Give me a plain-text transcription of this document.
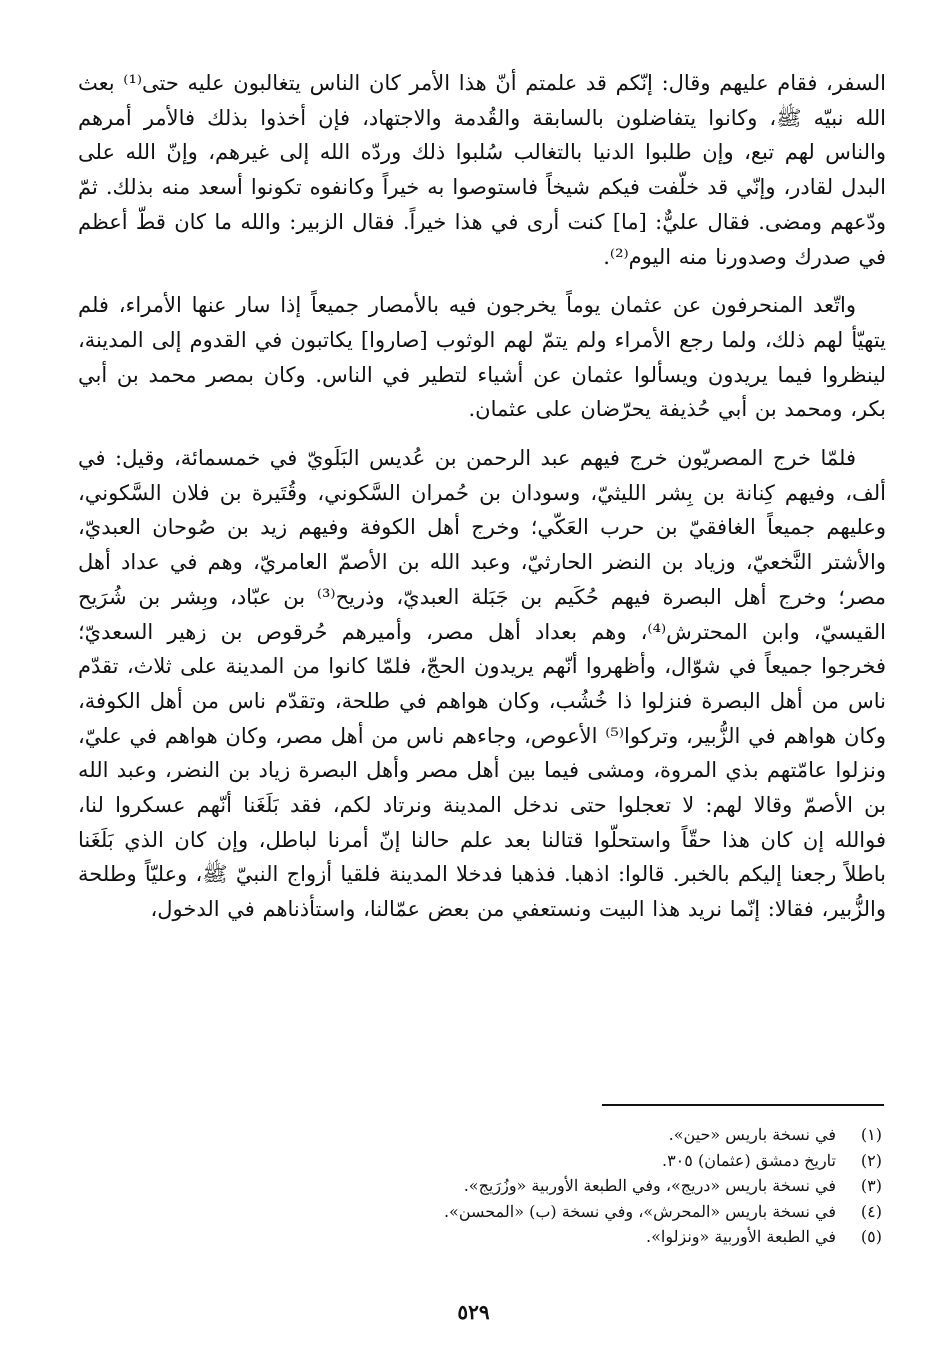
السفر، فقام عليهم وقال: إنّكم قد علمتم أنّ هذا الأمر كان الناس يتغالبون عليه حتى⁽¹⁾ بعث الله نبيّه ﷺ، وكانوا يتفاضلون بالسابقة والقُدمة والاجتهاد، فإن أخذوا بذلك فالأمر أمرهم والناس لهم تبع، وإن طلبوا الدنيا بالتغالب سُلبوا ذلك وردّه الله إلى غيرهم، وإنّ الله على البدل لقادر، وإنّي قد خلّفت فيكم شيخاً فاستوصوا به خيراً وكانفوه تكونوا أسعد منه بذلك. ثمّ ودّعهم ومضى. فقال عليٌّ: [ما] كنت أرى في هذا خيراً. فقال الزبير: والله ما كان قطّ أعظم في صدرك وصدورنا منه اليوم⁽²⁾.

واتّعد المنحرفون عن عثمان يوماً يخرجون فيه بالأمصار جميعاً إذا سار عنها الأمراء، فلم يتهيّأ لهم ذلك، ولما رجع الأمراء ولم يتمّ لهم الوثوب [صاروا] يكاتبون في القدوم إلى المدينة، لينظروا فيما يريدون ويسألوا عثمان عن أشياء لتطير في الناس. وكان بمصر محمد بن أبي بكر، ومحمد بن أبي حُذيفة يحرّضان على عثمان.

فلمّا خرج المصريّون خرج فيهم عبد الرحمن بن عُديس البَلَويّ في خمسمائة، وقيل: في ألف، وفيهم كِنانة بن بِشر الليثيّ، وسودان بن حُمران السَّكوني، وقُتَيرة بن فلان السَّكوني، وعليهم جميعاً الغافقيّ بن حرب العَكّي؛ وخرج أهل الكوفة وفيهم زيد بن صُوحان العبديّ، والأشتر النَّخعيّ، وزياد بن النضر الحارثيّ، وعبد الله بن الأصمّ العامريّ، وهم في عداد أهل مصر؛ وخرج أهل البصرة فيهم حُكَيم بن جَبَلة العبديّ، وذريح⁽³⁾ بن عبّاد، وبِشر بن شُرَيح القيسيّ، وابن المحترش⁽⁴⁾، وهم بعداد أهل مصر، وأميرهم حُرقوص بن زهير السعديّ؛ فخرجوا جميعاً في شوّال، وأظهروا أنّهم يريدون الحجّ، فلمّا كانوا من المدينة على ثلاث، تقدّم ناس من أهل البصرة فنزلوا ذا خُشُب، وكان هواهم في طلحة، وتقدّم ناس من أهل الكوفة، وكان هواهم في الزُّبير، وتركوا⁽⁵⁾ الأعوص، وجاءهم ناس من أهل مصر، وكان هواهم في عليّ، ونزلوا عامّتهم بذي المروة، ومشى فيما بين أهل مصر وأهل البصرة زياد بن النضر، وعبد الله بن الأصمّ وقالا لهم: لا تعجلوا حتى ندخل المدينة ونرتاد لكم، فقد بَلَغَنا أنّهم عسكروا لنا، فوالله إن كان هذا حقّاً واستحلّوا قتالنا بعد علم حالنا إنّ أمرنا لباطل، وإن كان الذي بَلَغَنا باطلاً رجعنا إليكم بالخبر. قالوا: اذهبا. فذهبا فدخلا المدينة فلقيا أزواج النبيّ ﷺ، وعليّاً وطلحة والزُّبير، فقالا: إنّما نريد هذا البيت ونستعفي من بعض عمّالنا، واستأذناهم في الدخول،

(١)
في نسخة باريس «حين».
(٢)
تاريخ دمشق (عثمان) ٣٠٥.
(٣)
في نسخة باريس «دريج»، وفي الطبعة الأوربية «وزُرَيج».
(٤)
في نسخة باريس «المحرش»، وفي نسخة (ب) «المحسن».
(٥)
في الطبعة الأوربية «ونزلوا».
٥٢٩
